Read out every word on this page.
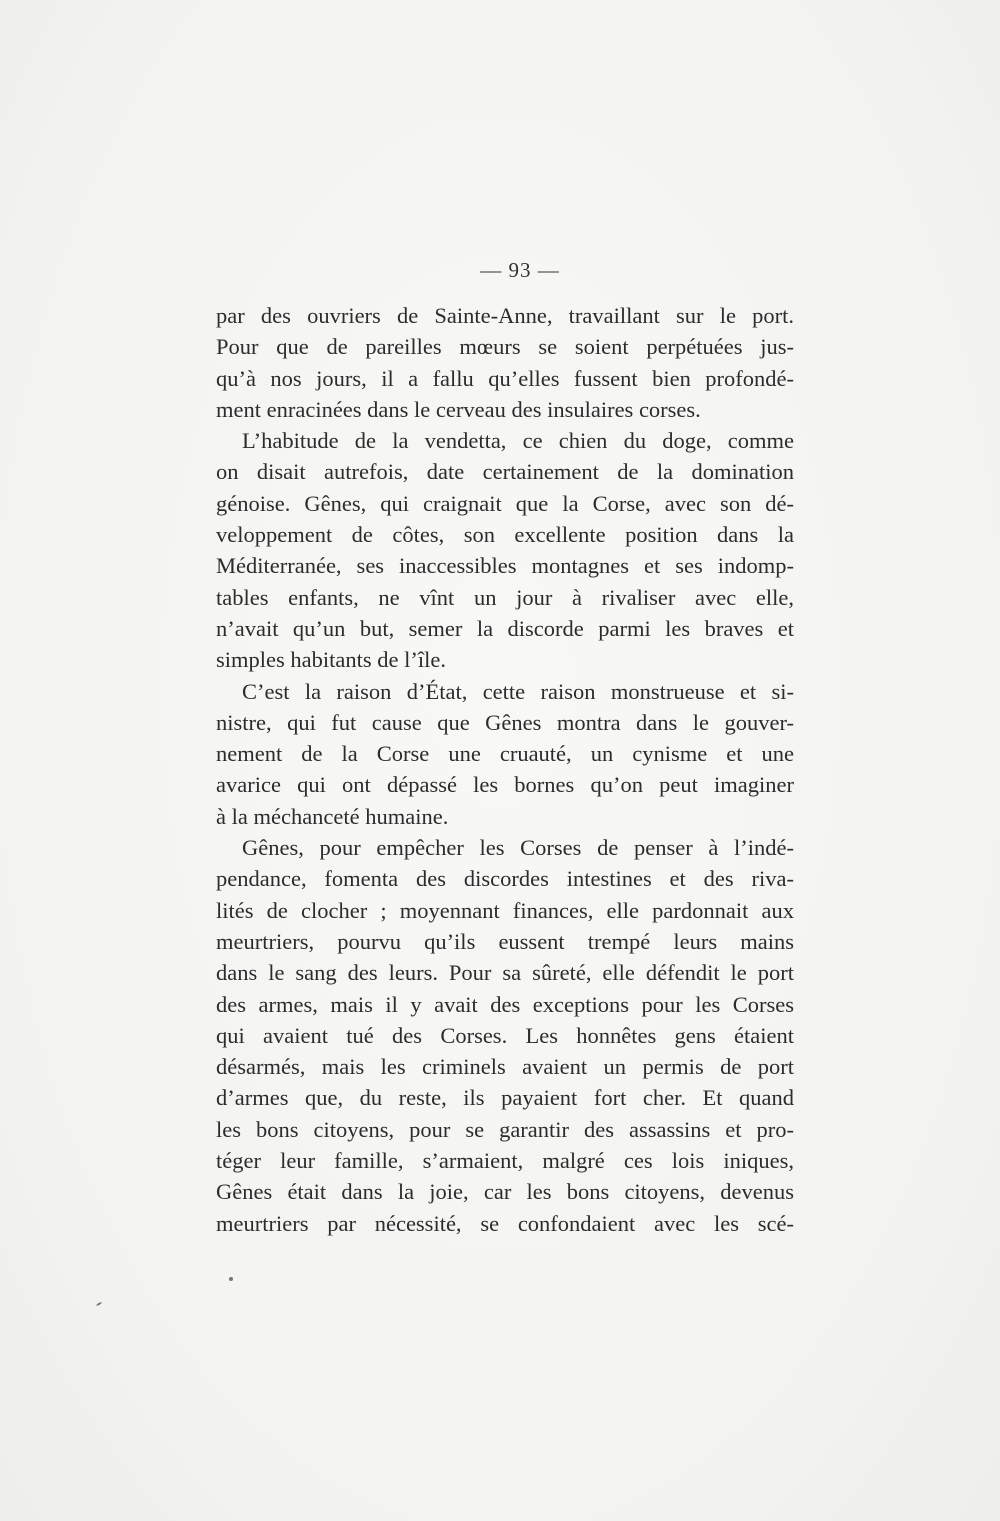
— 93 —
par des ouvriers de Sainte-Anne, travaillant sur le port.
Pour que de pareilles mœurs se soient perpétuées jus-
qu’à nos jours, il a fallu qu’elles fussent bien profondé-
ment enracinées dans le cerveau des insulaires corses.
L’habitude de la vendetta, ce chien du doge, comme
on disait autrefois, date certainement de la domination
génoise. Gênes, qui craignait que la Corse, avec son dé-
veloppement de côtes, son excellente position dans la
Méditerranée, ses inaccessibles montagnes et ses indomp-
tables enfants, ne vînt un jour à rivaliser avec elle,
n’avait qu’un but, semer la discorde parmi les braves et
simples habitants de l’île.
C’est la raison d’État, cette raison monstrueuse et si-
nistre, qui fut cause que Gênes montra dans le gouver-
nement de la Corse une cruauté, un cynisme et une
avarice qui ont dépassé les bornes qu’on peut imaginer
à la méchanceté humaine.
Gênes, pour empêcher les Corses de penser à l’indé-
pendance, fomenta des discordes intestines et des riva-
lités de clocher ; moyennant finances, elle pardonnait aux
meurtriers, pourvu qu’ils eussent trempé leurs mains
dans le sang des leurs. Pour sa sûreté, elle défendit le port
des armes, mais il y avait des exceptions pour les Corses
qui avaient tué des Corses. Les honnêtes gens étaient
désarmés, mais les criminels avaient un permis de port
d’armes que, du reste, ils payaient fort cher. Et quand
les bons citoyens, pour se garantir des assassins et pro-
téger leur famille, s’armaient, malgré ces lois iniques,
Gênes était dans la joie, car les bons citoyens, devenus
meurtriers par nécessité, se confondaient avec les scé-
